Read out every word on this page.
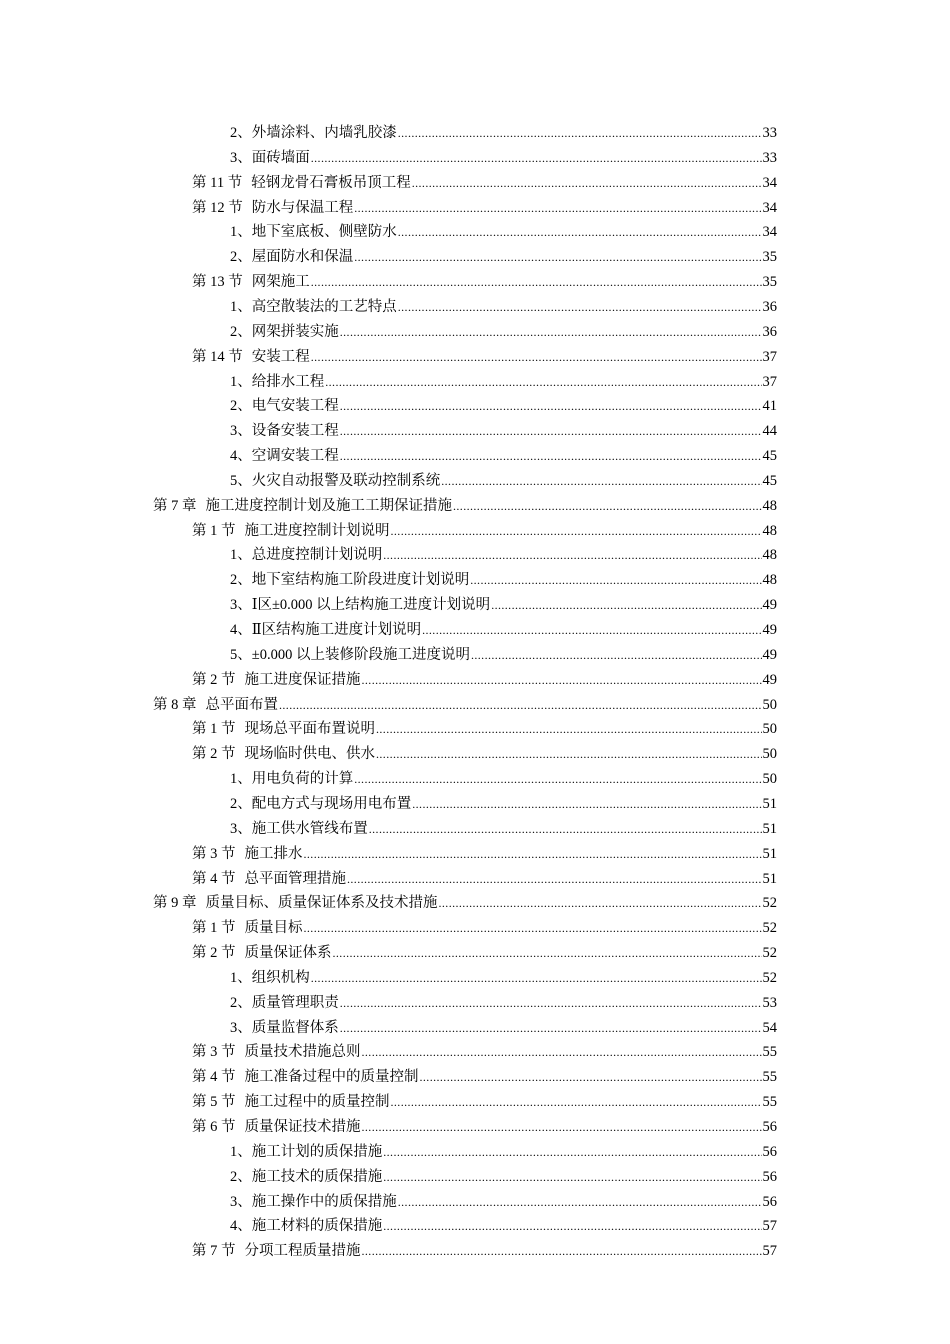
2、 外墙涂料、内墙乳胶漆 .....	33
3、 面砖墙面 .....	33
第 11 节 轻钢龙骨石膏板吊顶工程 .....	34
第 12 节 防水与保温工程 .....	34
1、 地下室底板、侧壁防水 .....	34
2、 屋面防水和保温 .....	35
第 13 节 网架施工 .....	35
1、 高空散装法的工艺特点 .....	36
2、 网架拼装实施 .....	36
第 14 节 安装工程 .....	37
1、 给排水工程 .....	37
2、 电气安装工程 .....	41
3、 设备安装工程 .....	44
4、 空调安装工程 .....	45
5、 火灾自动报警及联动控制系统 .....	45
第 7 章 施工进度控制计划及施工工期保证措施 .....	48
第 1 节 施工进度控制计划说明 .....	48
1、 总进度控制计划说明 .....	48
2、 地下室结构施工阶段进度计划说明 .....	48
3、 Ⅰ区±0.000 以上结构施工进度计划说明 .....	49
4、 Ⅱ区结构施工进度计划说明 .....	49
5、 ±0.000 以上装修阶段施工进度说明 .....	49
第 2 节 施工进度保证措施 .....	49
第 8 章 总平面布置 .....	50
第 1 节 现场总平面布置说明 .....	50
第 2 节 现场临时供电、供水 .....	50
1、 用电负荷的计算 .....	50
2、 配电方式与现场用电布置 .....	51
3、 施工供水管线布置 .....	51
第 3 节 施工排水 .....	51
第 4 节 总平面管理措施 .....	51
第 9 章 质量目标、质量保证体系及技术措施 .....	52
第 1 节 质量目标 .....	52
第 2 节 质量保证体系 .....	52
1、 组织机构 .....	52
2、 质量管理职责 .....	53
3、 质量监督体系 .....	54
第 3 节 质量技术措施总则 .....	55
第 4 节 施工准备过程中的质量控制 .....	55
第 5 节 施工过程中的质量控制 .....	55
第 6 节 质量保证技术措施 .....	56
1、 施工计划的质保措施 .....	56
2、 施工技术的质保措施 .....	56
3、 施工操作中的质保措施 .....	56
4、 施工材料的质保措施 .....	57
第 7 节 分项工程质量措施 .....	57
